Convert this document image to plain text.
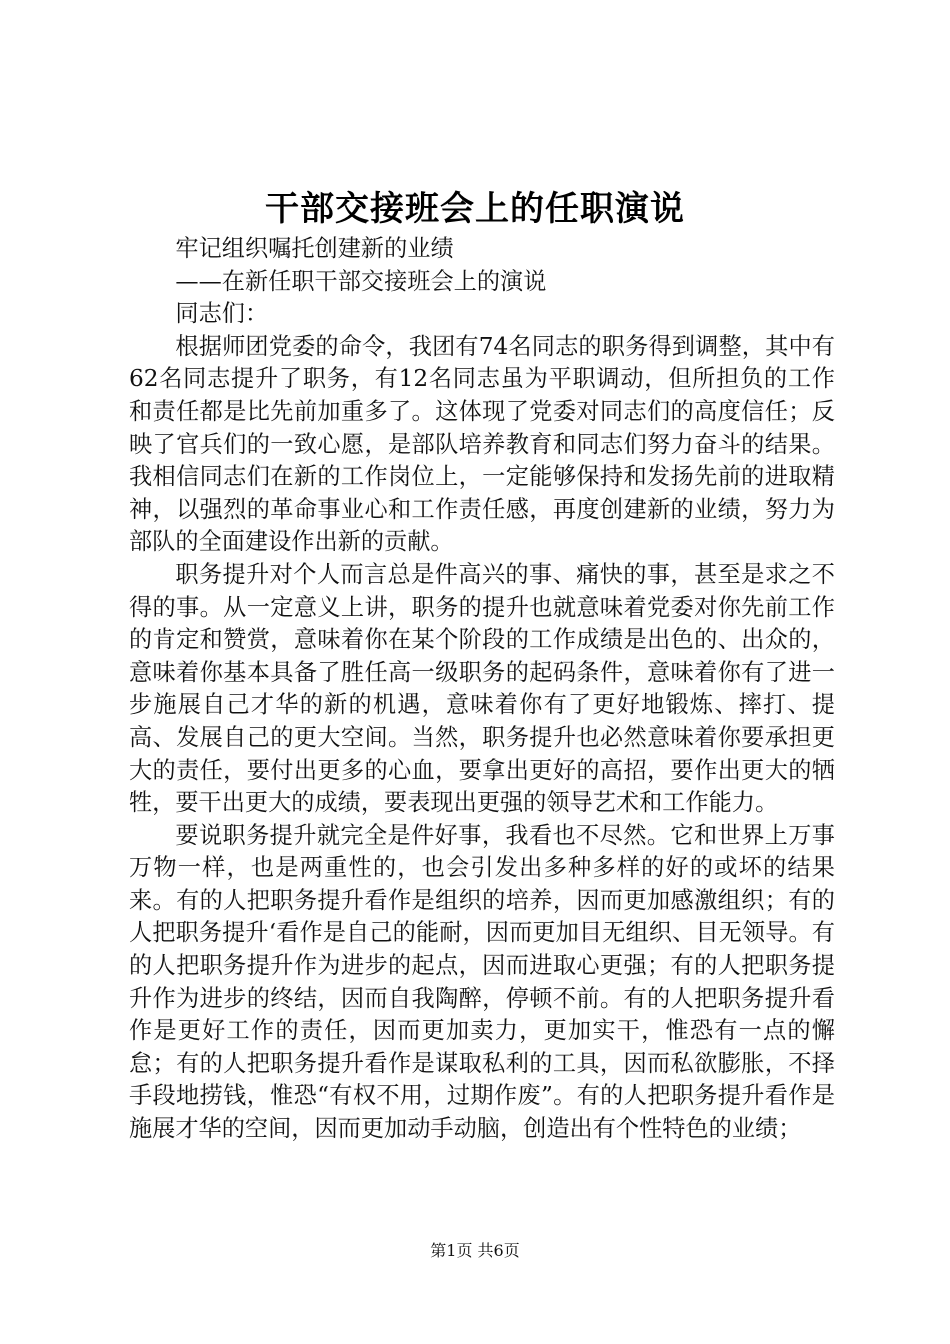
干部交接班会上的任职演说

牢记组织嘱托创建新的业绩

——在新任职干部交接班会上的演说

同志们：

根据师团党委的命令，我团有74名同志的职务得到调整，其中有62名同志提升了职务，有12名同志虽为平职调动，但所担负的工作和责任都是比先前加重多了。这体现了党委对同志们的高度信任；反映了官兵们的一致心愿，是部队培养教育和同志们努力奋斗的结果。我相信同志们在新的工作岗位上，一定能够保持和发扬先前的进取精神，以强烈的革命事业心和工作责任感，再度创建新的业绩，努力为部队的全面建设作出新的贡献。

职务提升对个人而言总是件高兴的事、痛快的事，甚至是求之不得的事。从一定意义上讲，职务的提升也就意味着党委对你先前工作的肯定和赞赏，意味着你在某个阶段的工作成绩是出色的、出众的，意味着你基本具备了胜任高一级职务的起码条件，意味着你有了进一步施展自己才华的新的机遇，意味着你有了更好地锻炼、摔打、提高、发展自己的更大空间。当然，职务提升也必然意味着你要承担更大的责任，要付出更多的心血，要拿出更好的高招，要作出更大的牺牲，要干出更大的成绩，要表现出更强的领导艺术和工作能力。

要说职务提升就完全是件好事，我看也不尽然。它和世界上万事万物一样，也是两重性的，也会引发出多种多样的好的或坏的结果来。有的人把职务提升看作是组织的培养，因而更加感激组织；有的人把职务提升‘看作是自己的能耐，因而更加目无组织、目无领导。有的人把职务提升作为进步的起点，因而进取心更强；有的人把职务提升作为进步的终结，因而自我陶醉，停顿不前。有的人把职务提升看作是更好工作的责任，因而更加卖力，更加实干，惟恐有一点的懈怠；有的人把职务提升看作是谋取私利的工具，因而私欲膨胀，不择手段地捞钱，惟恐“有权不用，过期作废”。有的人把职务提升看作是施展才华的空间，因而更加动手动脑，创造出有个性特色的业绩；

第1页 共6页
